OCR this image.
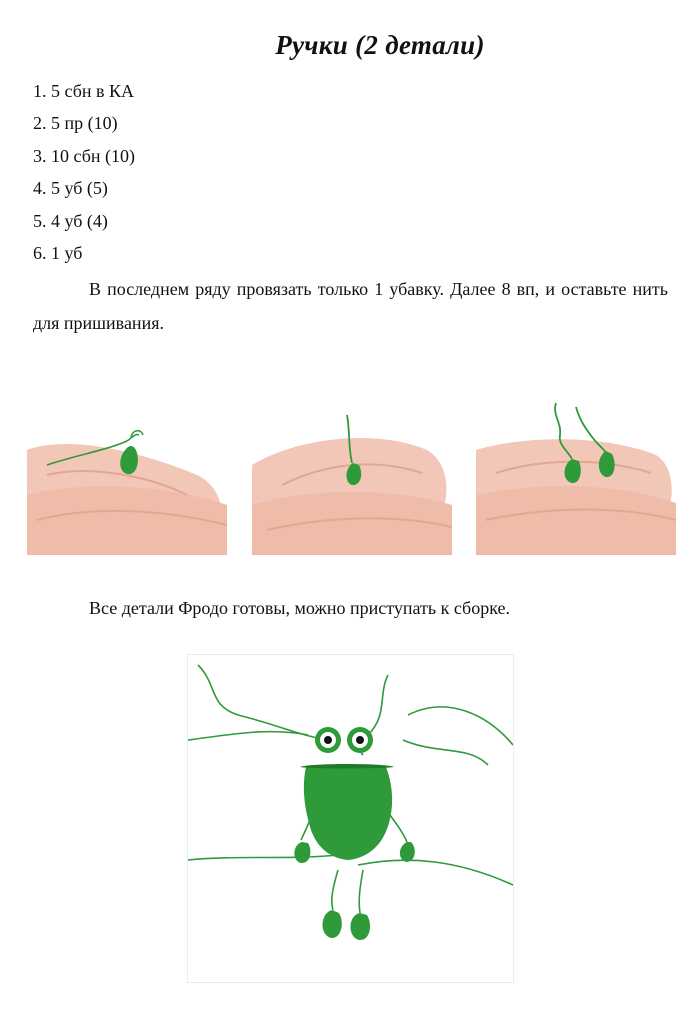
Ручки (2 детали)
1. 5 сбн в КА
2. 5 пр (10)
3. 10 сбн (10)
4. 5 уб (5)
5. 4 уб (4)
6. 1 уб

В последнем ряду провязать только 1 убавку. Далее 8 вп, и оставьте нить для пришивания.

Все детали Фродо готовы, можно приступать к сборке.
